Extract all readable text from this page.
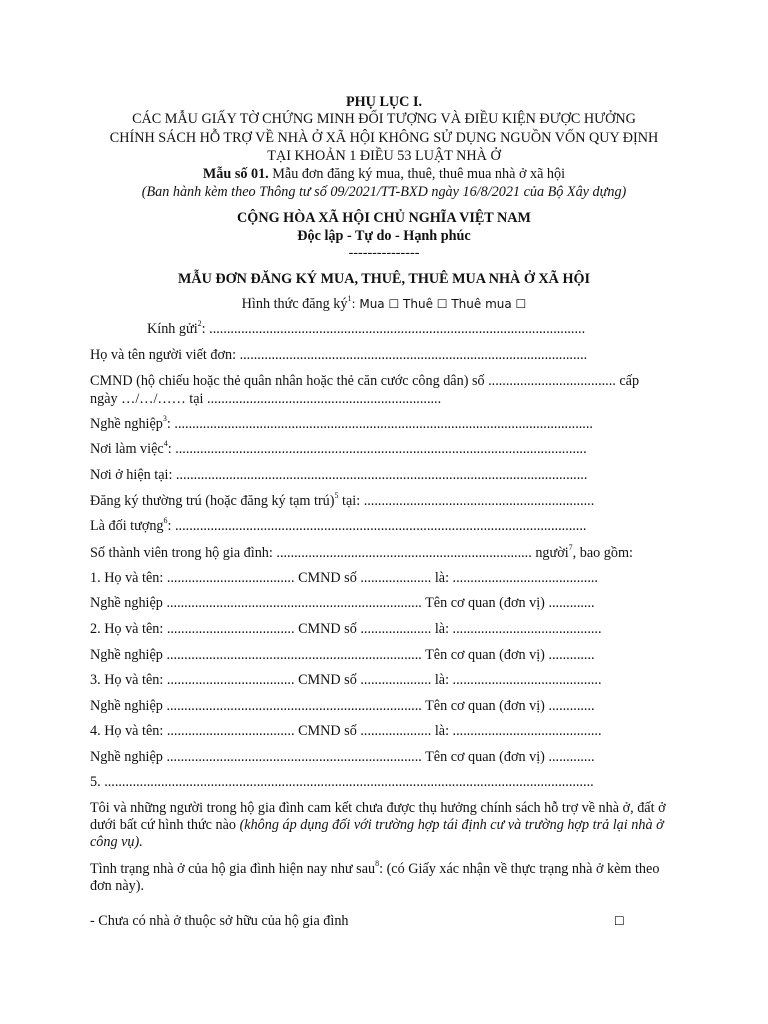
PHỤ LỤC I.
CÁC MẪU GIẤY TỜ CHỨNG MINH ĐỐI TƯỢNG VÀ ĐIỀU KIỆN ĐƯỢC HƯỞNG
CHÍNH SÁCH HỖ TRỢ VỀ NHÀ Ở XÃ HỘI KHÔNG SỬ DỤNG NGUỒN VỐN QUY ĐỊNH
TẠI KHOẢN 1 ĐIỀU 53 LUẬT NHÀ Ở
Mẫu số 01. Mẫu đơn đăng ký mua, thuê, thuê mua nhà ở xã hội
(Ban hành kèm theo Thông tư số 09/2021/TT-BXD ngày 16/8/2021 của Bộ Xây dựng)
CỘNG HÒA XÃ HỘI CHỦ NGHĨA VIỆT NAM
Độc lập - Tự do - Hạnh phúc
---------------
MẪU ĐƠN ĐĂNG KÝ MUA, THUÊ, THUÊ MUA NHÀ Ở XÃ HỘI
Hình thức đăng $ký^1$: Mua ☐ Thuê ☐ Thuê mua ☐
Kính gửi$^2$: ..........................................................................................................
Họ và tên người viết đơn: ..................................................................................................
CMND (hộ chiếu hoặc thẻ quân nhân hoặc thẻ căn cước công dân) số .................................... cấp
ngày …/…/…… tại ..................................................................
Nghề nghiệp$^3$: ......................................................................................................................
Nơi làm việc$^4$: ....................................................................................................................
Nơi ở hiện tại: ....................................................................................................................
Đăng ký thường trú (hoặc đăng ký tạm trú)$^5$ tại: .................................................................
Là đối tượng$^6$: ....................................................................................................................
Số thành viên trong hộ gia đình: ........................................................................ người$^7$, bao gồm:
1. Họ và tên: .................................... CMND số .................... là: .........................................
Nghề nghiệp ........................................................................ Tên cơ quan (đơn vị) .............
2. Họ và tên: .................................... CMND số .................... là: ..........................................
Nghề nghiệp ........................................................................ Tên cơ quan (đơn vị) .............
3. Họ và tên: .................................... CMND số .................... là: ..........................................
Nghề nghiệp ........................................................................ Tên cơ quan (đơn vị) .............
4. Họ và tên: .................................... CMND số .................... là: ..........................................
Nghề nghiệp ........................................................................ Tên cơ quan (đơn vị) .............
5. ..........................................................................................................................................
Tôi và những người trong hộ gia đình cam kết chưa được thụ hưởng chính sách hỗ trợ về nhà ở, đất ở dưới bất cứ hình thức nào (không áp dụng đối với trường hợp tái định cư và trường hợp trả lại nhà ở công vụ).
Tình trạng nhà ở của hộ gia đình hiện nay như sau$^8$: (có Giấy xác nhận về thực trạng nhà ở kèm theo đơn này).
- Chưa có nhà ở thuộc sở hữu của hộ gia đình	☐
